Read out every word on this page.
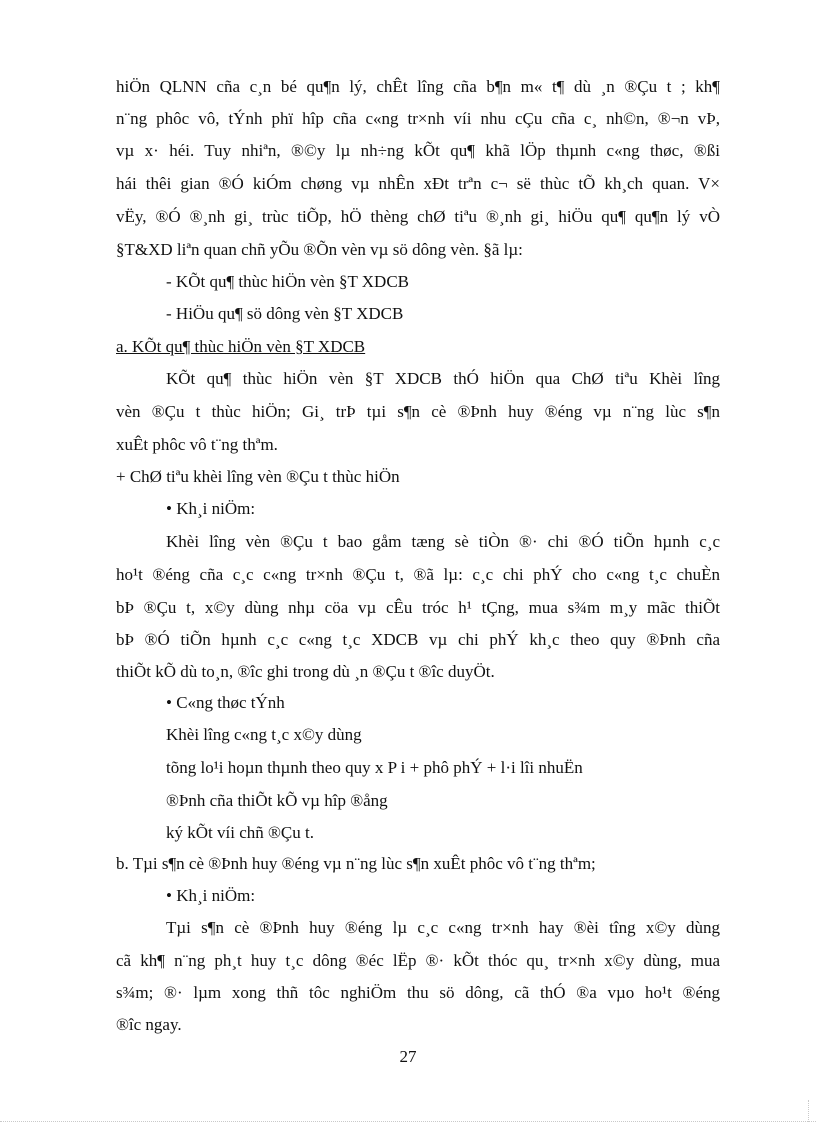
hiÖn QLNN cña c¸n bé qu¶n lý, chÊt lîng cña b¶n m« t¶ dù ¸n ®Çu t ; kh¶
n¨ng phôc vô, tÝnh phï hîp cña c«ng tr×nh víi nhu cÇu cña c¸ nh©n, ®¬n vÞ,
vµ x· héi. Tuy nhiªn, ®©y lµ nh÷ng kÕt qu¶ khã lÖp thµnh c«ng thøc, ®ßi
hái thêi gian ®Ó kiÓm chøng vµ nhÊn xÐt trªn c¬ së thùc tÕ kh¸ch quan. V×
vËy, ®Ó ®¸nh gi¸ trùc tiÕp, hÖ thèng chØ tiªu ®¸nh gi¸ hiÖu qu¶ qu¶n lý vÒ
§T&XD liªn quan chñ yÕu ®Õn vèn vµ sö dông vèn. §ã lµ:
- KÕt qu¶ thùc hiÖn vèn §T XDCB
- HiÖu qu¶ sö dông vèn §T XDCB
a. KÕt qu¶ thùc hiÖn vèn §T XDCB
KÕt qu¶ thùc hiÖn vèn §T XDCB thÓ hiÖn qua ChØ tiªu Khèi lîng
vèn ®Çu t thùc hiÖn; Gi¸ trÞ tµi s¶n cè ®Þnh huy ®éng vµ n¨ng lùc s¶n
xuÊt phôc vô t¨ng thªm.
+ ChØ tiªu khèi lîng vèn ®Çu t thùc hiÖn
• Kh¸i niÖm:
Khèi lîng vèn ®Çu t bao gåm tæng sè tiÒn ®· chi ®Ó tiÕn hµnh c¸c
ho¹t ®éng cña c¸c c«ng tr×nh ®Çu t, ®ã lµ: c¸c chi phÝ cho c«ng t¸c chuÈn
bÞ ®Çu t, x©y dùng nhµ cöa vµ cÊu tróc h¹ tÇng, mua s¾m m¸y mãc thiÕt
bÞ ®Ó tiÕn hµnh c¸c c«ng t¸c XDCB vµ chi phÝ kh¸c theo quy ®Þnh cña
thiÕt kÕ dù to¸n, ®îc ghi trong dù ¸n ®Çu t ®îc duyÖt.
• C«ng thøc tÝnh
Khèi lîng c«ng t¸c x©y dùng
tõng lo¹i hoµn thµnh theo quy x P i + phô phÝ + l·i lîi nhuËn
®Þnh cña thiÕt kÕ vµ hîp ®ång
ký kÕt víi chñ ®Çu t.
b. Tµi s¶n cè ®Þnh huy ®éng vµ n¨ng lùc s¶n xuÊt phôc vô t¨ng thªm;
• Kh¸i niÖm:
Tµi s¶n cè ®Þnh huy ®éng lµ c¸c c«ng tr×nh hay ®èi tîng x©y dùng
cã kh¶ n¨ng ph¸t huy t¸c dông ®éc lËp ®· kÕt thóc qu¸ tr×nh x©y dùng, mua
s¾m; ®· lµm xong thñ tôc nghiÖm thu sö dông, cã thÓ ®a vµo ho¹t ®éng
®îc ngay.
27
